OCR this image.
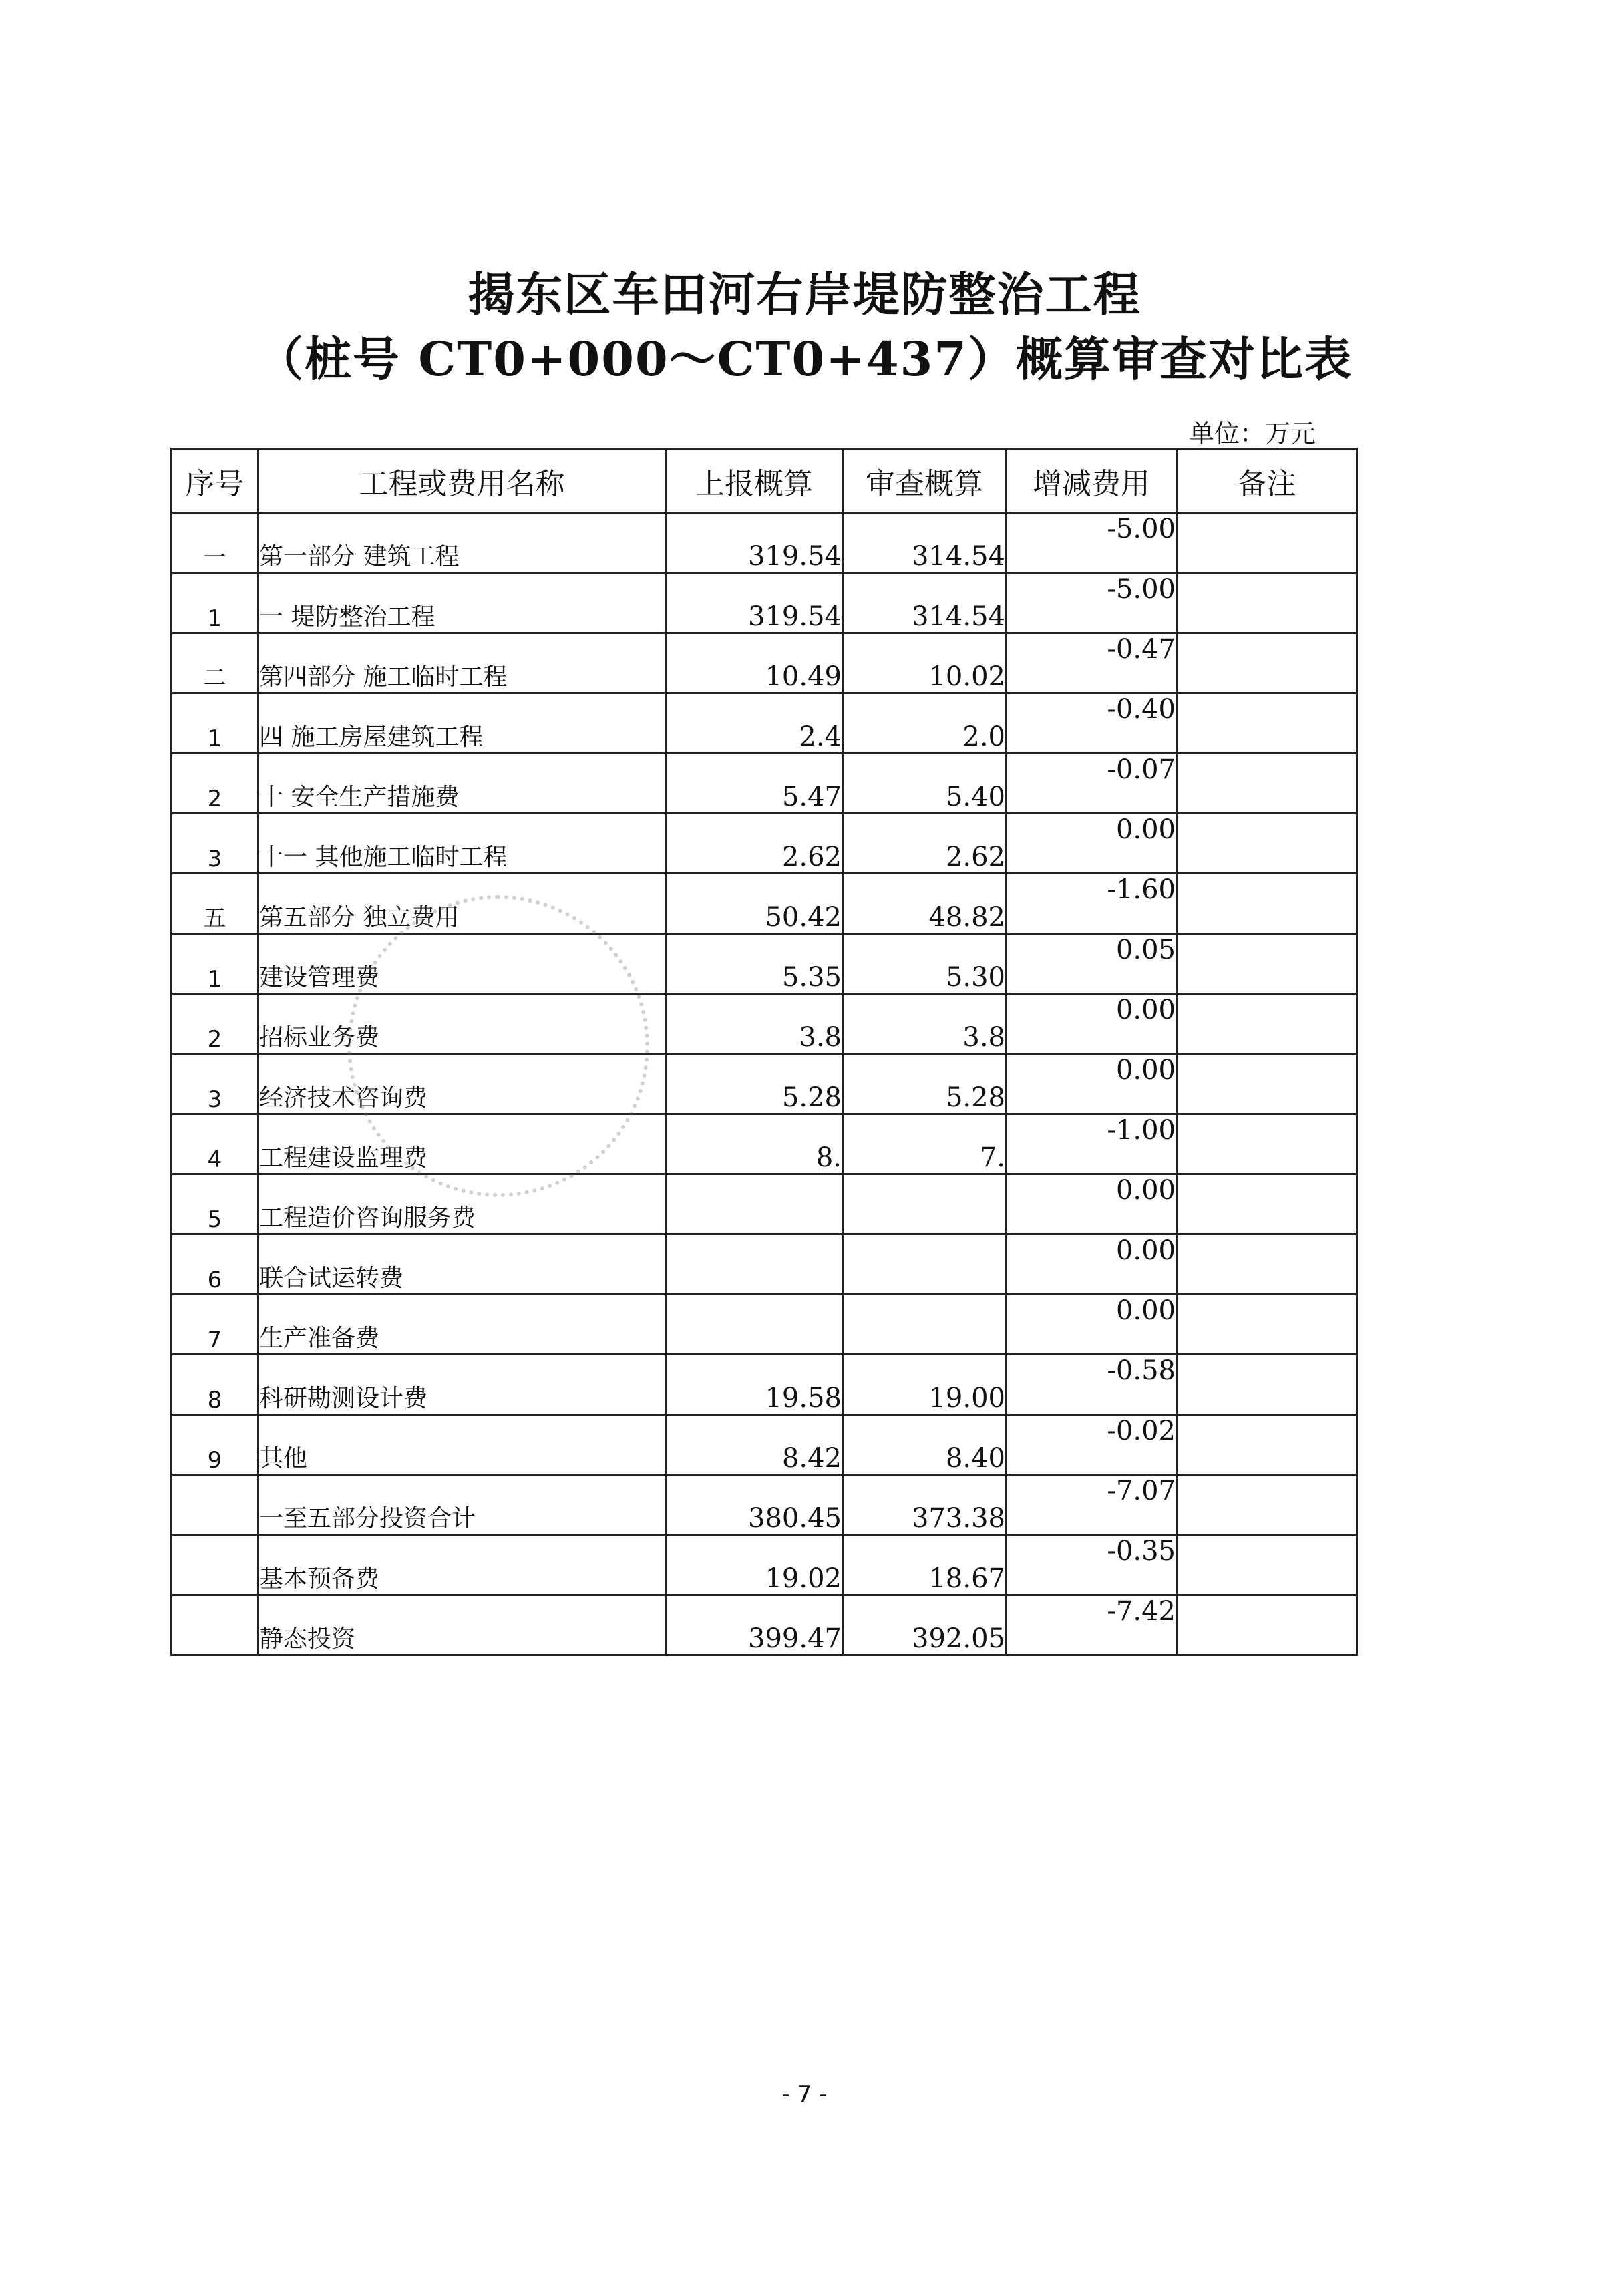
揭东区车田河右岸堤防整治工程
（桩号 CT0+000～CT0+437）概算审查对比表
单位：万元
序号	工程或费用名称	上报概算	审查概算	增减费用	备注
一	第一部分 建筑工程	319.54	314.54	-5.00	
1	一 堤防整治工程	319.54	314.54	-5.00	
二	第四部分 施工临时工程	10.49	10.02	-0.47	
1	四 施工房屋建筑工程	2.4	2.0	-0.40	
2	十 安全生产措施费	5.47	5.40	-0.07	
3	十一 其他施工临时工程	2.62	2.62	0.00	
五	第五部分 独立费用	50.42	48.82	-1.60	
1	建设管理费	5.35	5.30	0.05	
2	招标业务费	3.8	3.8	0.00	
3	经济技术咨询费	5.28	5.28	0.00	
4	工程建设监理费	8.	7.	-1.00	
5	工程造价咨询服务费			0.00	
6	联合试运转费			0.00	
7	生产准备费			0.00	
8	科研勘测设计费	19.58	19.00	-0.58	
9	其他	8.42	8.40	-0.02	
	一至五部分投资合计	380.45	373.38	-7.07	
	基本预备费	19.02	18.67	-0.35	
	静态投资	399.47	392.05	-7.42	
- 7 -
